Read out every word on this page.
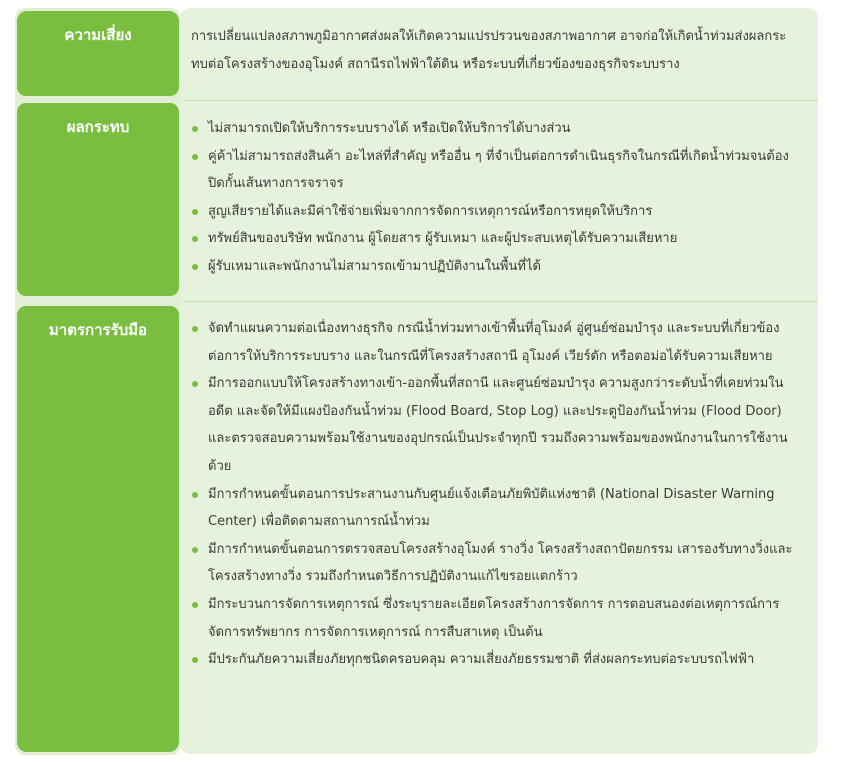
ความเสี่ยง
ผลกระทบ
มาตรการรับมือ
การเปลี่ยนแปลงสภาพภูมิอากาศส่งผลให้เกิดความแปรปรวนของสภาพอากาศ อาจก่อให้เกิดน้ำท่วมส่งผลกระทบต่อโครงสร้างของอุโมงค์ สถานีรถไฟฟ้าใต้ดิน หรือระบบที่เกี่ยวข้องของธุรกิจระบบราง
ไม่สามารถเปิดให้บริการระบบรางได้ หรือเปิดให้บริการได้บางส่วน
คู่ค้าไม่สามารถส่งสินค้า อะไหล่ที่สำคัญ หรืออื่น ๆ ที่จำเป็นต่อการดำเนินธุรกิจในกรณีที่เกิดน้ำท่วมจนต้องปิดกั้นเส้นทางการจราจร
สูญเสียรายได้และมีค่าใช้จ่ายเพิ่มจากการจัดการเหตุการณ์หรือการหยุดให้บริการ
ทรัพย์สินของบริษัท พนักงาน ผู้โดยสาร ผู้รับเหมา และผู้ประสบเหตุได้รับความเสียหาย
ผู้รับเหมาและพนักงานไม่สามารถเข้ามาปฏิบัติงานในพื้นที่ได้
จัดทำแผนความต่อเนื่องทางธุรกิจ กรณีน้ำท่วมทางเข้าพื้นที่อุโมงค์ อู่ศูนย์ซ่อมบำรุง และระบบที่เกี่ยวข้องต่อการให้บริการระบบราง และในกรณีที่โครงสร้างสถานี อุโมงค์ เวียร์ดัก หรือตอม่อได้รับความเสียหาย
มีการออกแบบให้โครงสร้างทางเข้า-ออกพื้นที่สถานี และศูนย์ซ่อมบำรุง ความสูงกว่าระดับน้ำที่เคยท่วมในอดีต และจัดให้มีแผงป้องกันน้ำท่วม (Flood Board, Stop Log) และประตูป้องกันน้ำท่วม (Flood Door) และตรวจสอบความพร้อมใช้งานของอุปกรณ์เป็นประจำทุกปี รวมถึงความพร้อมของพนักงานในการใช้งานด้วย
มีการกำหนดขั้นตอนการประสานงานกับศูนย์แจ้งเตือนภัยพิบัติแห่งชาติ (National Disaster Warning Center) เพื่อติดตามสถานการณ์น้ำท่วม
มีการกำหนดขั้นตอนการตรวจสอบโครงสร้างอุโมงค์ รางวิ่ง โครงสร้างสถาปัตยกรรม เสารองรับทางวิ่งและโครงสร้างทางวิ่ง รวมถึงกำหนดวิธีการปฏิบัติงานแก้ไขรอยแตกร้าว
มีกระบวนการจัดการเหตุการณ์ ซึ่งระบุรายละเอียดโครงสร้างการจัดการ การตอบสนองต่อเหตุการณ์การจัดการทรัพยากร การจัดการเหตุการณ์ การสืบสาเหตุ เป็นต้น
มีประกันภัยความเสี่ยงภัยทุกชนิดครอบคลุม ความเสี่ยงภัยธรรมชาติ ที่ส่งผลกระทบต่อระบบรถไฟฟ้า
